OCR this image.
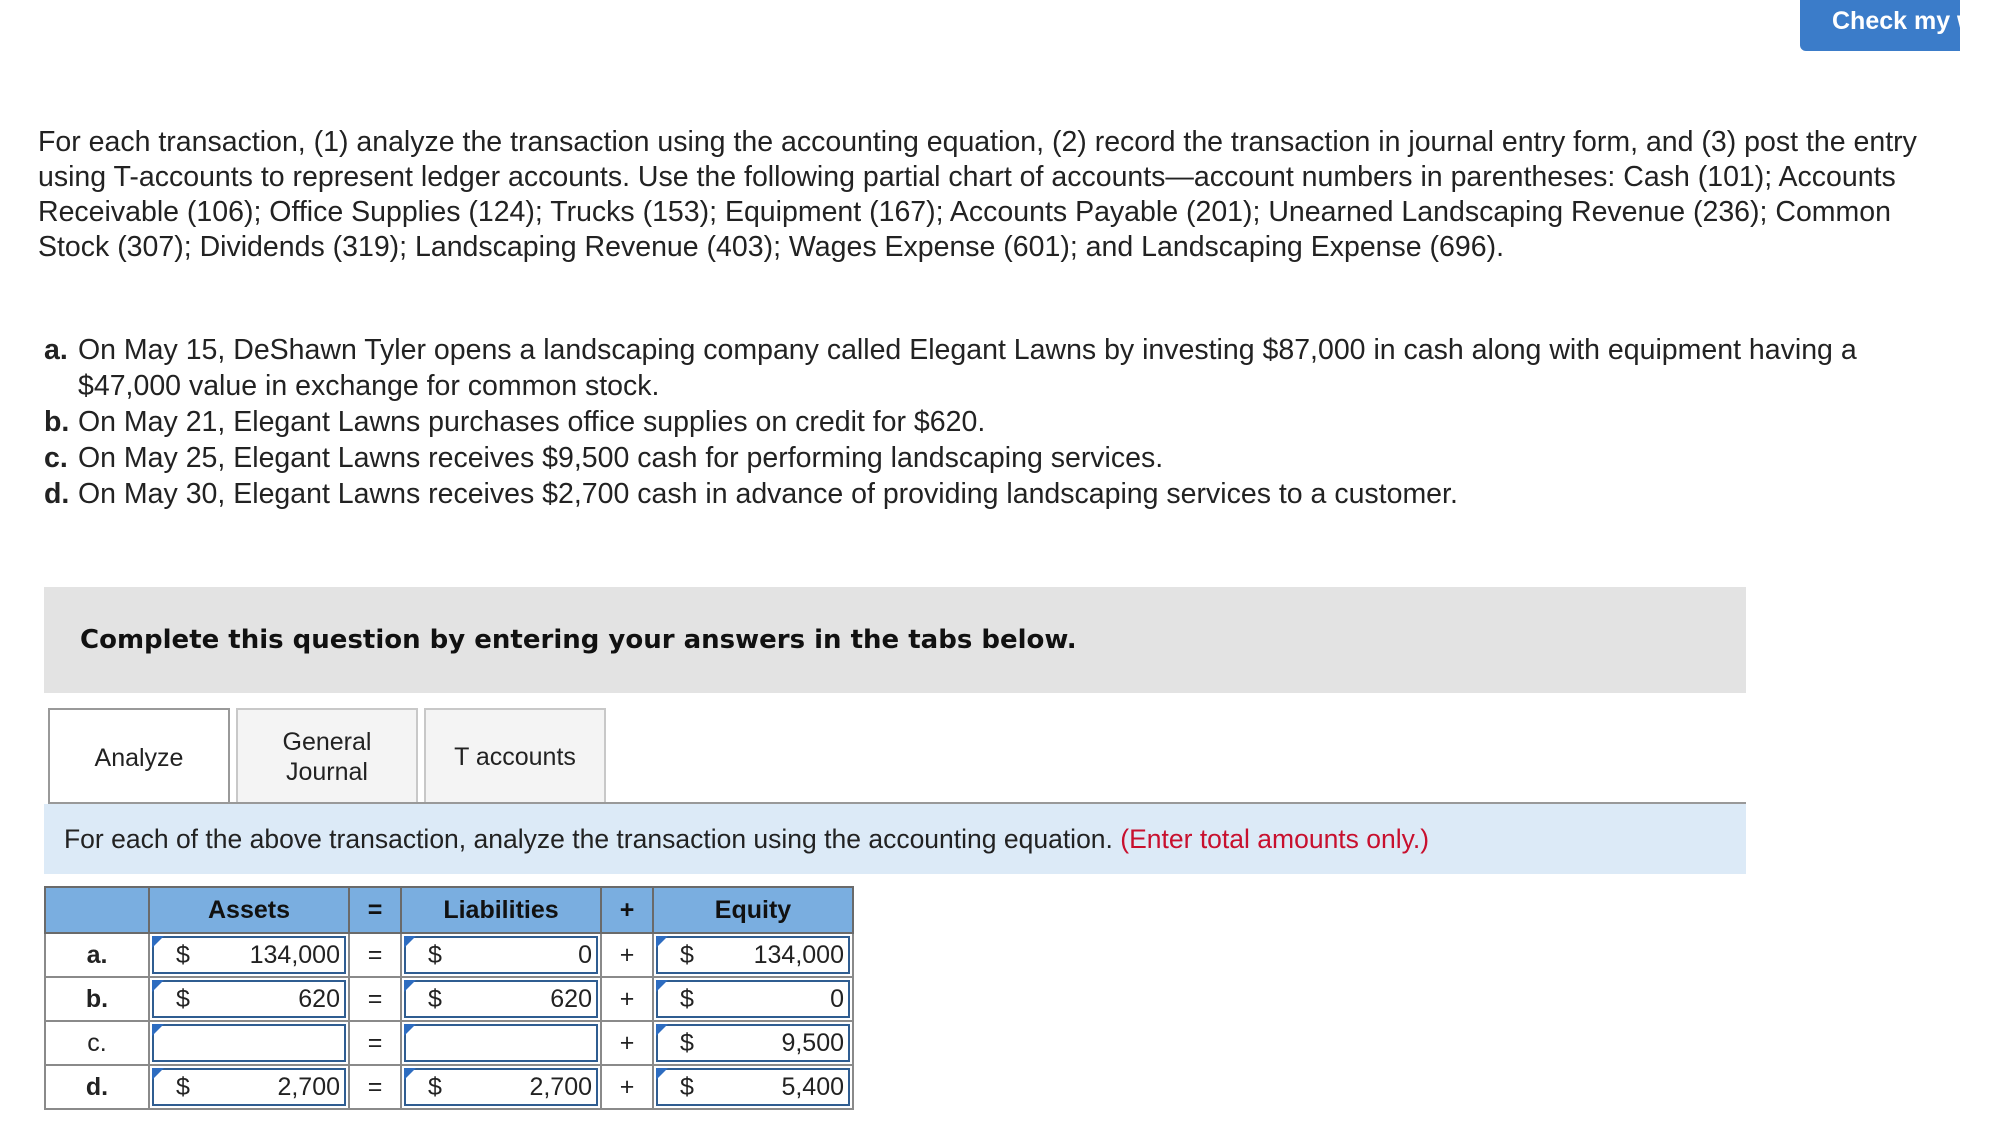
Check my work

For each transaction, (1) analyze the transaction using the accounting equation, (2) record the transaction in journal entry form, and (3) post the entry using T-accounts to represent ledger accounts. Use the following partial chart of accounts—account numbers in parentheses: Cash (101); Accounts Receivable (106); Office Supplies (124); Trucks (153); Equipment (167); Accounts Payable (201); Unearned Landscaping Revenue (236); Common Stock (307); Dividends (319); Landscaping Revenue (403); Wages Expense (601); and Landscaping Expense (696).

a. On May 15, DeShawn Tyler opens a landscaping company called Elegant Lawns by investing $87,000 in cash along with equipment having a $47,000 value in exchange for common stock.
b. On May 21, Elegant Lawns purchases office supplies on credit for $620.
c. On May 25, Elegant Lawns receives $9,500 cash for performing landscaping services.
d. On May 30, Elegant Lawns receives $2,700 cash in advance of providing landscaping services to a customer.
Complete this question by entering your answers in the tabs below.
Analyze
General
Journal
T accounts
For each of the above transaction, analyze the transaction using the accounting equation. (Enter total amounts only.)
	Assets	=	Liabilities	+	Equity
a.	$ 134,000	=	$ 0	+	$ 134,000

b.	$ 620	=	$ 620	+	$ 0

c.		=		+	$ 9,500

d.	$ 2,700	=	$ 2,700	+	$ 5,400
